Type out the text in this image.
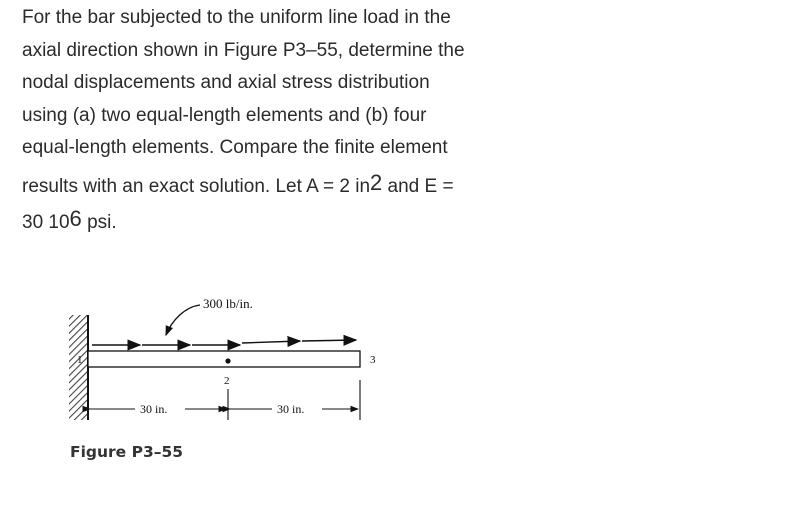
For the bar subjected to the uniform line load in the
axial direction shown in Figure P3–55, determine the
nodal displacements and axial stress distribution
using (a) two equal-length elements and (b) four
equal-length elements. Compare the finite element
results with an exact solution. Let A = 2 $in^2$ and E =
30 $10^6$ psi.
300 lb/in.
1
2
3
30 in.	30 in.
Figure P3–55
